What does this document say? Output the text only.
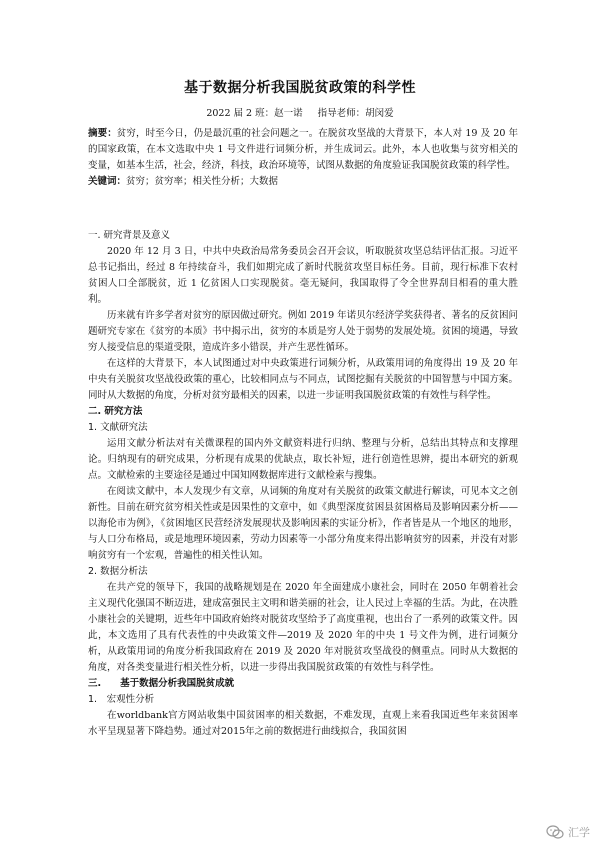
基于数据分析我国脱贫政策的科学性
2022 届 2 班：赵一诺 指导老师：胡闵爱

摘要：贫穷，时至今日，仍是最沉重的社会问题之一。在脱贫攻坚战的大背景下，本人对 19 及 20 年的国家政策，在本文选取中央 1 号文件进行词频分析，并生成词云。此外，本人也收集与贫穷相关的变量，如基本生活，社会，经济，科技，政治环境等，试图从数据的角度验证我国脱贫政策的科学性。

关键词：贫穷；贫穷率；相关性分析；大数据

一. 研究背景及意义

2020 年 12 月 3 日，中共中央政治局常务委员会召开会议，听取脱贫攻坚总结评估汇报。习近平总书记指出，经过 8 年持续奋斗，我们如期完成了新时代脱贫攻坚目标任务。目前，现行标准下农村贫困人口全部脱贫，近 1 亿贫困人口实现脱贫。毫无疑问，我国取得了令全世界刮目相看的重大胜利。

历来就有许多学者对贫穷的原因做过研究。例如 2019 年诺贝尔经济学奖获得者、著名的反贫困问题研究专家在《贫穷的本质》书中揭示出，贫穷的本质是穷人处于弱势的发展处境。贫困的境遇，导致穷人接受信息的渠道受限，造成许多小错误，并产生恶性循环。

在这样的大背景下，本人试图通过对中央政策进行词频分析，从政策用词的角度得出 19 及 20 年中央有关脱贫攻坚战役政策的重心，比较相同点与不同点，试图挖掘有关脱贫的中国智慧与中国方案。同时从大数据的角度，分析对贫穷最相关的因素，以进一步证明我国脱贫政策的有效性与科学性。

二. 研究方法

1. 文献研究法

运用文献分析法对有关微课程的国内外文献资料进行归纳、整理与分析，总结出其特点和支撑理论。归纳现有的研究成果，分析现有成果的优缺点，取长补短，进行创造性思辨，提出本研究的新观点。文献检索的主要途径是通过中国知网数据库进行文献检索与搜集。

在阅读文献中，本人发现少有文章，从词频的角度对有关脱贫的政策文献进行解读，可见本文之创新性。目前在研究贫穷相关性或是因果性的文章中，如《典型深度贫困县贫困格局及影响因素分析——以海伦市为例》，《贫困地区民营经济发展现状及影响因素的实证分析》，作者皆是从一个地区的地形，与人口分布格局，或是地理环境因素，劳动力因素等一小部分角度来得出影响贫穷的因素，并没有对影响贫穷有一个宏观，普遍性的相关性认知。

2. 数据分析法

在共产党的领导下，我国的战略规划是在 2020 年全面建成小康社会，同时在 2050 年朝着社会主义现代化强国不断迈进，建成富强民主文明和谐美丽的社会，让人民过上幸福的生活。为此，在决胜小康社会的关键期，近些年中国政府始终对脱贫攻坚给予了高度重视，也出台了一系列的政策文件。因此，本文选用了具有代表性的中央政策文件—2019 及 2020 年的中央 1 号文件为例，进行词频分析，从政策用词的角度分析我国政府在 2019 及 2020 年对脱贫攻坚战役的侧重点。同时从大数据的角度，对各类变量进行相关性分析，以进一步得出我国脱贫政策的有效性与科学性。

三.　　基于数据分析我国脱贫成就

1.　宏观性分析

在worldbank官方网站收集中国贫困率的相关数据，不难发现，直观上来看我国近些年来贫困率水平呈现显著下降趋势。通过对2015年之前的数据进行曲线拟合，我国贫困

汇学
